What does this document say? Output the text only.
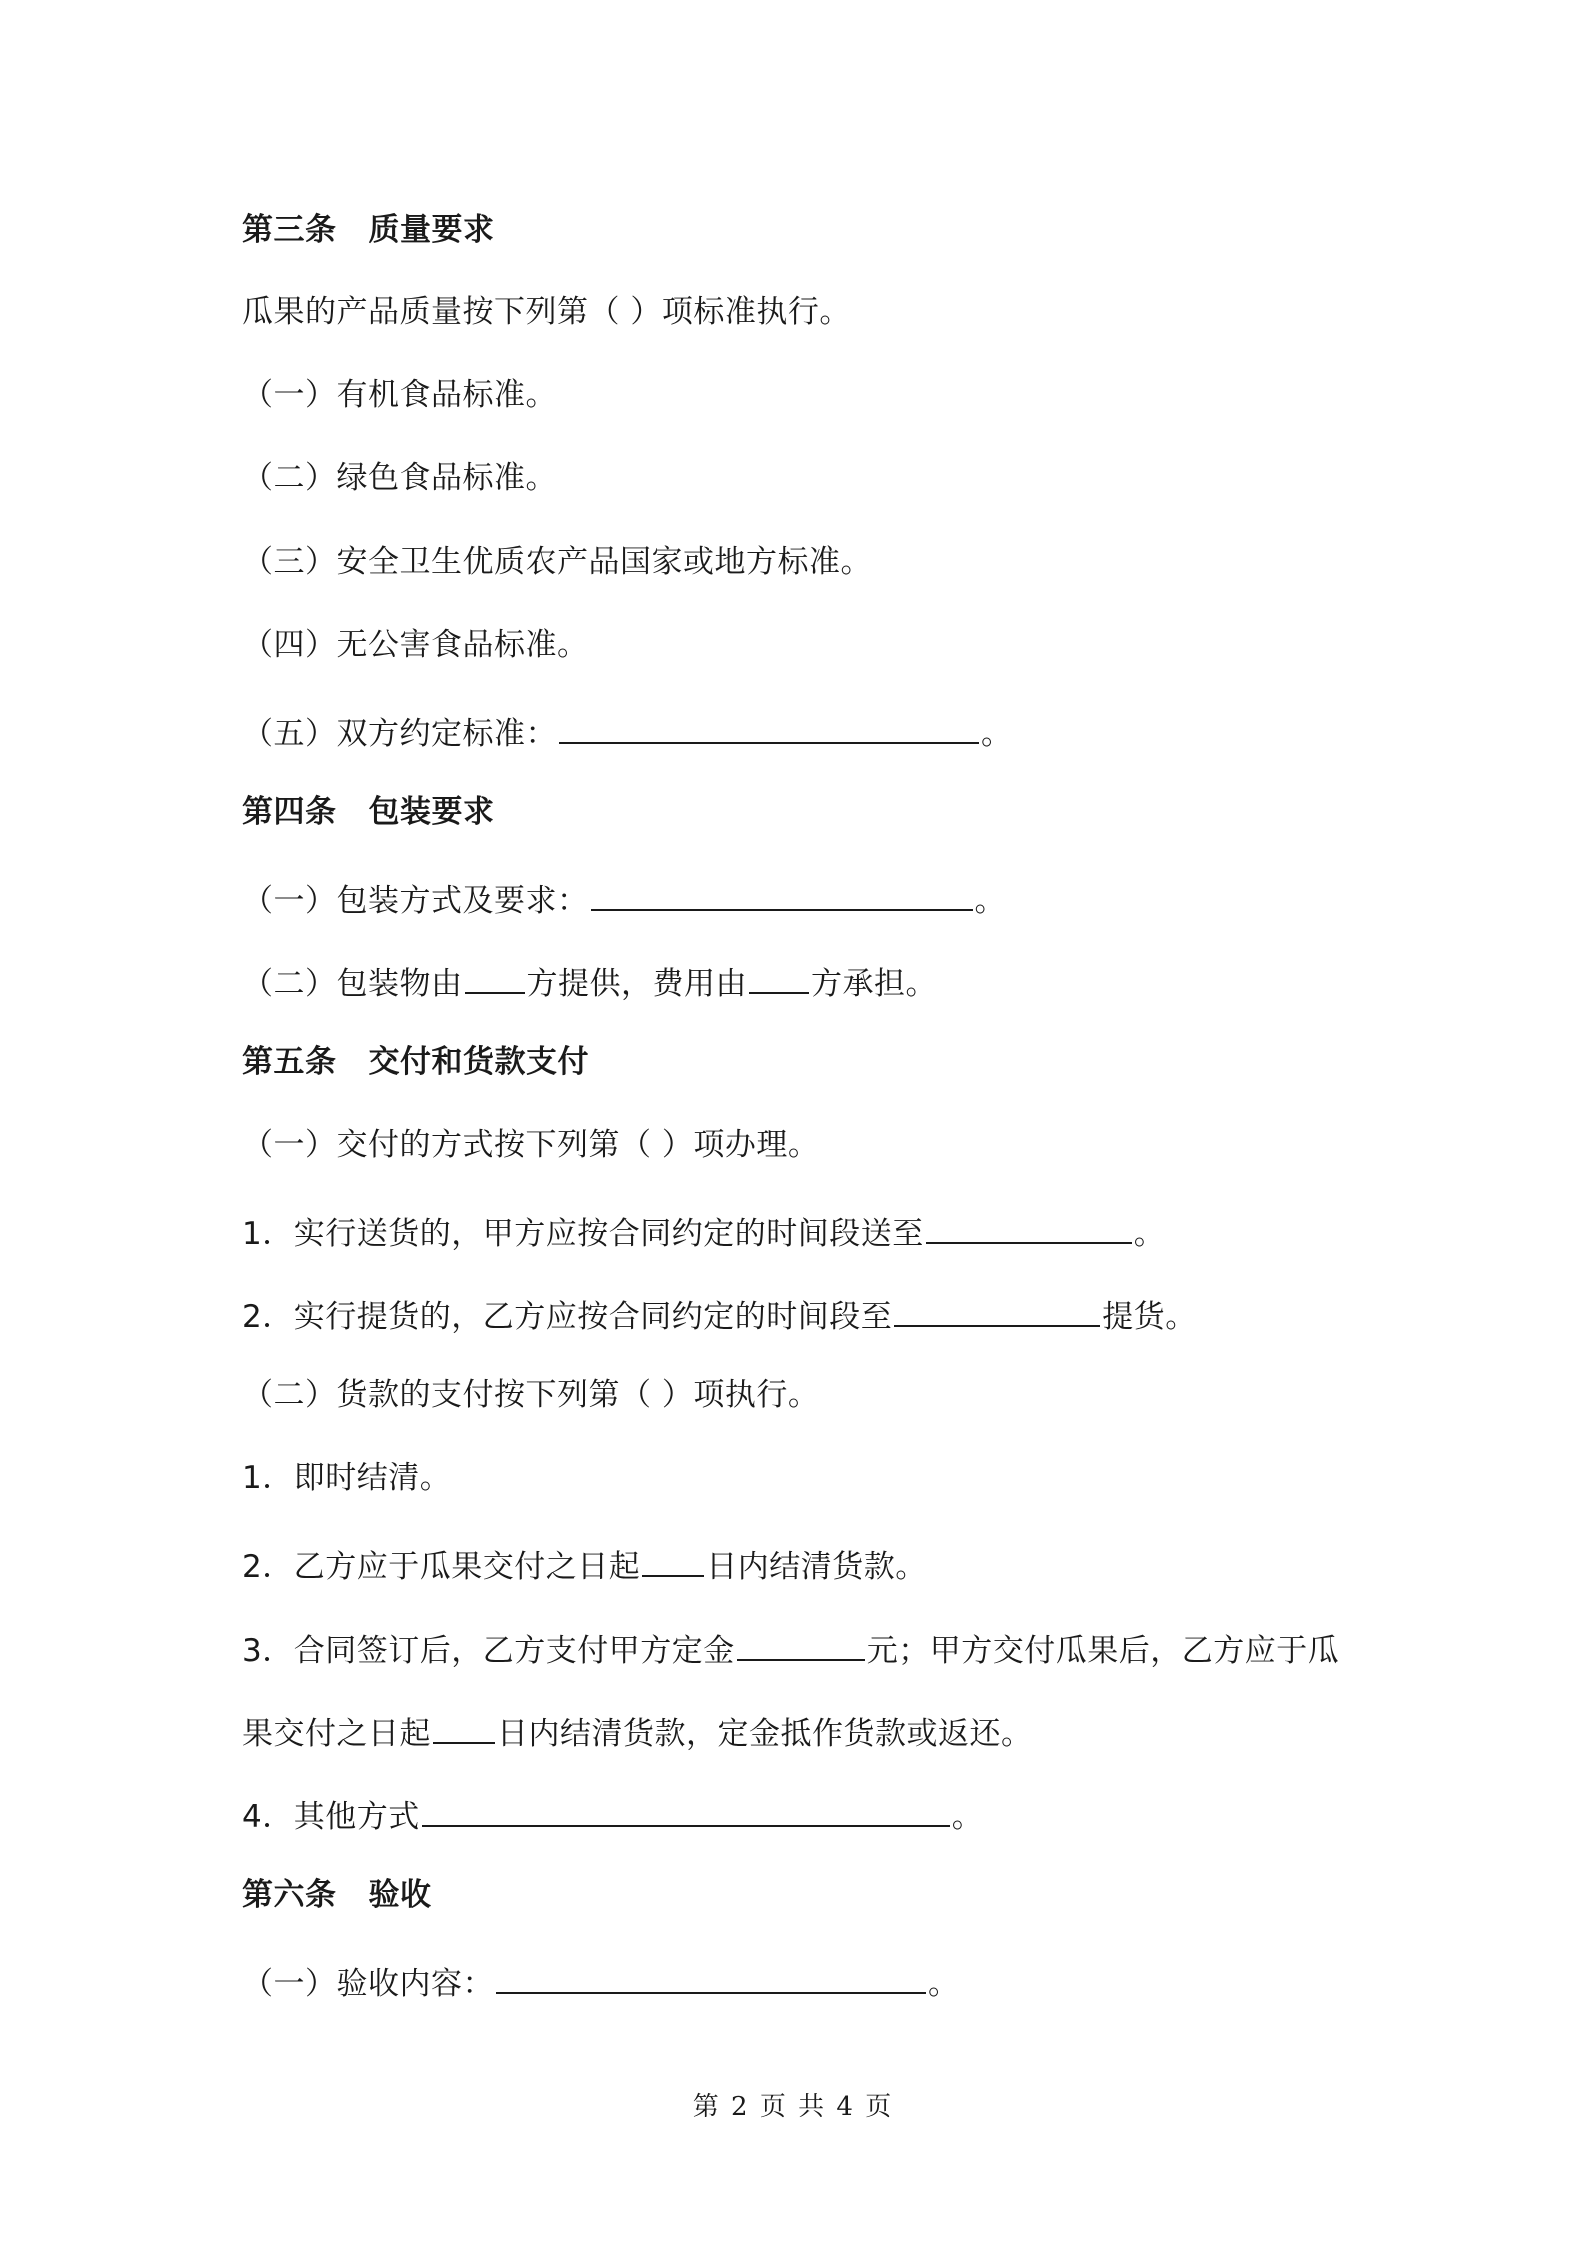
第三条 质量要求
瓜果的产品质量按下列第（ ）项标准执行。
（一）有机食品标准。
（二）绿色食品标准。
（三）安全卫生优质农产品国家或地方标准。
（四）无公害食品标准。
（五）双方约定标准：	。
第四条 包装要求
（一）包装方式及要求：	。
（二）包装物由 方提供，费用由 方承担。
第五条 交付和货款支付
（一）交付的方式按下列第（ ）项办理。
1．实行送货的，甲方应按合同约定的时间段送至	。
2．实行提货的，乙方应按合同约定的时间段至	提货。
（二）货款的支付按下列第（ ）项执行。
1．即时结清。
2．乙方应于瓜果交付之日起 日内结清货款。
3．合同签订后，乙方支付甲方定金	元；甲方交付瓜果后，乙方应于瓜
果交付之日起 日内结清货款，定金抵作货款或返还。
4．其他方式	。
第六条 验收
（一）验收内容：	。
第 2 页 共 4 页
